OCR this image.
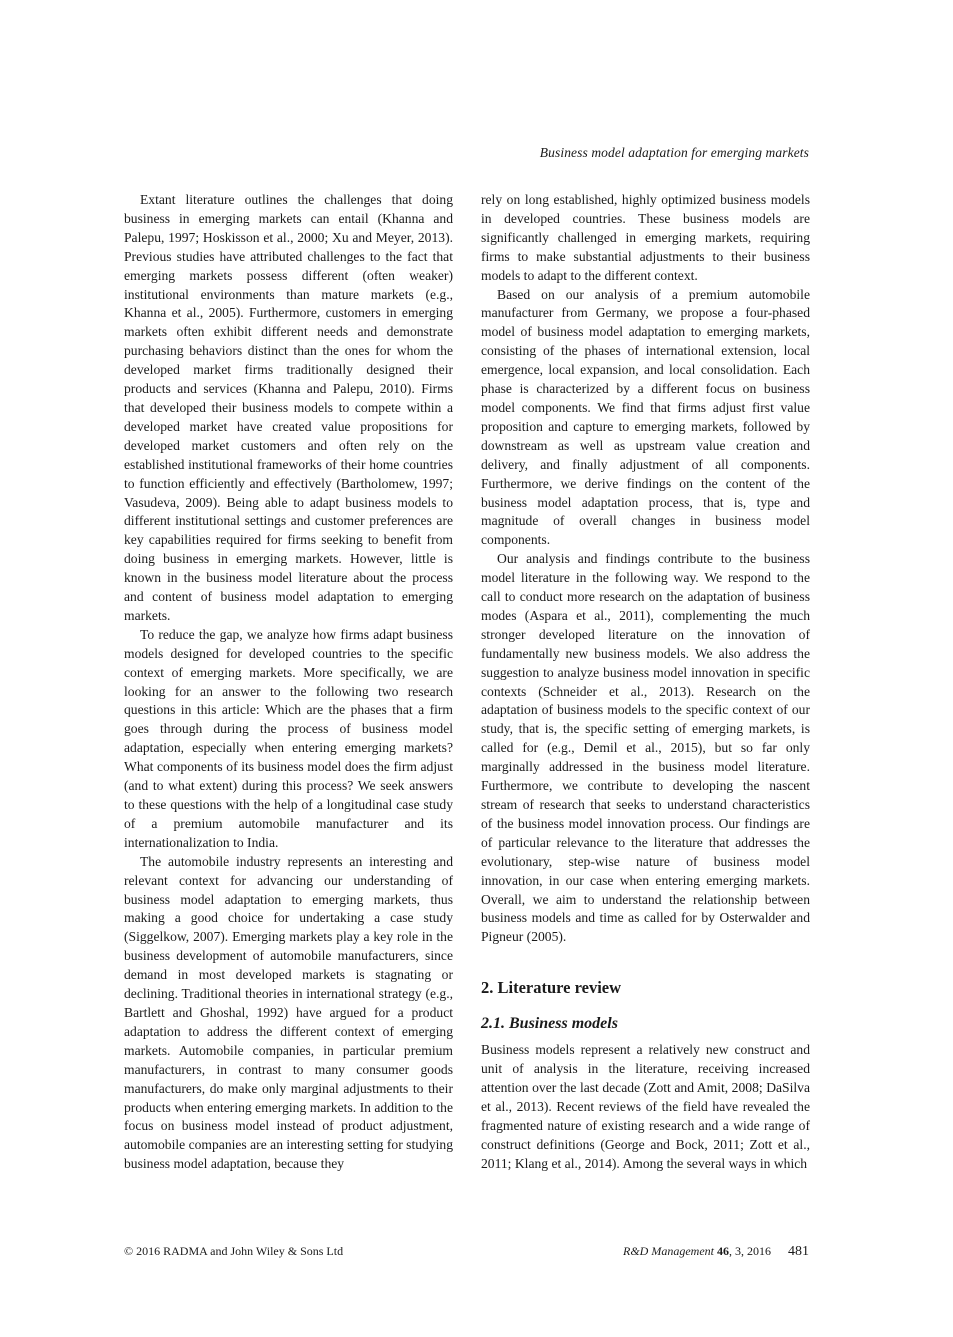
Business model adaptation for emerging markets

Extant literature outlines the challenges that doing business in emerging markets can entail (Khanna and Palepu, 1997; Hoskisson et al., 2000; Xu and Meyer, 2013). Previous studies have attributed challenges to the fact that emerging markets possess different (often weaker) institutional environments than mature markets (e.g., Khanna et al., 2005). Furthermore, customers in emerging markets often exhibit different needs and demonstrate purchasing behaviors distinct than the ones for whom the developed market firms traditionally designed their products and services (Khanna and Palepu, 2010). Firms that developed their business models to compete within a developed market have created value propositions for developed market customers and often rely on the established institutional frameworks of their home countries to function efficiently and effectively (Bartholomew, 1997; Vasudeva, 2009). Being able to adapt business models to different institutional settings and customer preferences are key capabilities required for firms seeking to benefit from doing business in emerging markets. However, little is known in the business model literature about the process and content of business model adaptation to emerging markets.

To reduce the gap, we analyze how firms adapt business models designed for developed countries to the specific context of emerging markets. More specifically, we are looking for an answer to the following two research questions in this article: Which are the phases that a firm goes through during the process of business model adaptation, especially when entering emerging markets? What components of its business model does the firm adjust (and to what extent) during this process? We seek answers to these questions with the help of a longitudinal case study of a premium automobile manufacturer and its internationalization to India.

The automobile industry represents an interesting and relevant context for advancing our understanding of business model adaptation to emerging markets, thus making a good choice for undertaking a case study (Siggelkow, 2007). Emerging markets play a key role in the business development of automobile manufacturers, since demand in most developed markets is stagnating or declining. Traditional theories in international strategy (e.g., Bartlett and Ghoshal, 1992) have argued for a product adaptation to address the different context of emerging markets. Automobile companies, in particular premium manufacturers, in contrast to many consumer goods manufacturers, do make only marginal adjustments to their products when entering emerging markets. In addition to the focus on business model instead of product adjustment, automobile companies are an interesting setting for studying business model adaptation, because they

rely on long established, highly optimized business models in developed countries. These business models are significantly challenged in emerging markets, requiring firms to make substantial adjustments to their business models to adapt to the different context.

Based on our analysis of a premium automobile manufacturer from Germany, we propose a four-phased model of business model adaptation to emerging markets, consisting of the phases of international extension, local emergence, local expansion, and local consolidation. Each phase is characterized by a different focus on business model components. We find that firms adjust first value proposition and capture to emerging markets, followed by downstream as well as upstream value creation and delivery, and finally adjustment of all components. Furthermore, we derive findings on the content of the business model adaptation process, that is, type and magnitude of overall changes in business model components.

Our analysis and findings contribute to the business model literature in the following way. We respond to the call to conduct more research on the adaptation of business modes (Aspara et al., 2011), complementing the much stronger developed literature on the innovation of fundamentally new business models. We also address the suggestion to analyze business model innovation in specific contexts (Schneider et al., 2013). Research on the adaptation of business models to the specific context of our study, that is, the specific setting of emerging markets, is called for (e.g., Demil et al., 2015), but so far only marginally addressed in the business model literature. Furthermore, we contribute to developing the nascent stream of research that seeks to understand characteristics of the business model innovation process. Our findings are of particular relevance to the literature that addresses the evolutionary, step-wise nature of business model innovation, in our case when entering emerging markets. Overall, we aim to understand the relationship between business models and time as called for by Osterwalder and Pigneur (2005).

2. Literature review
2.1. Business models

Business models represent a relatively new construct and unit of analysis in the literature, receiving increased attention over the last decade (Zott and Amit, 2008; DaSilva et al., 2013). Recent reviews of the field have revealed the fragmented nature of existing research and a wide range of construct definitions (George and Bock, 2011; Zott et al., 2011; Klang et al., 2014). Among the several ways in which

© 2016 RADMA and John Wiley & Sons Ltd	R&D Management 46, 3, 2016 481
